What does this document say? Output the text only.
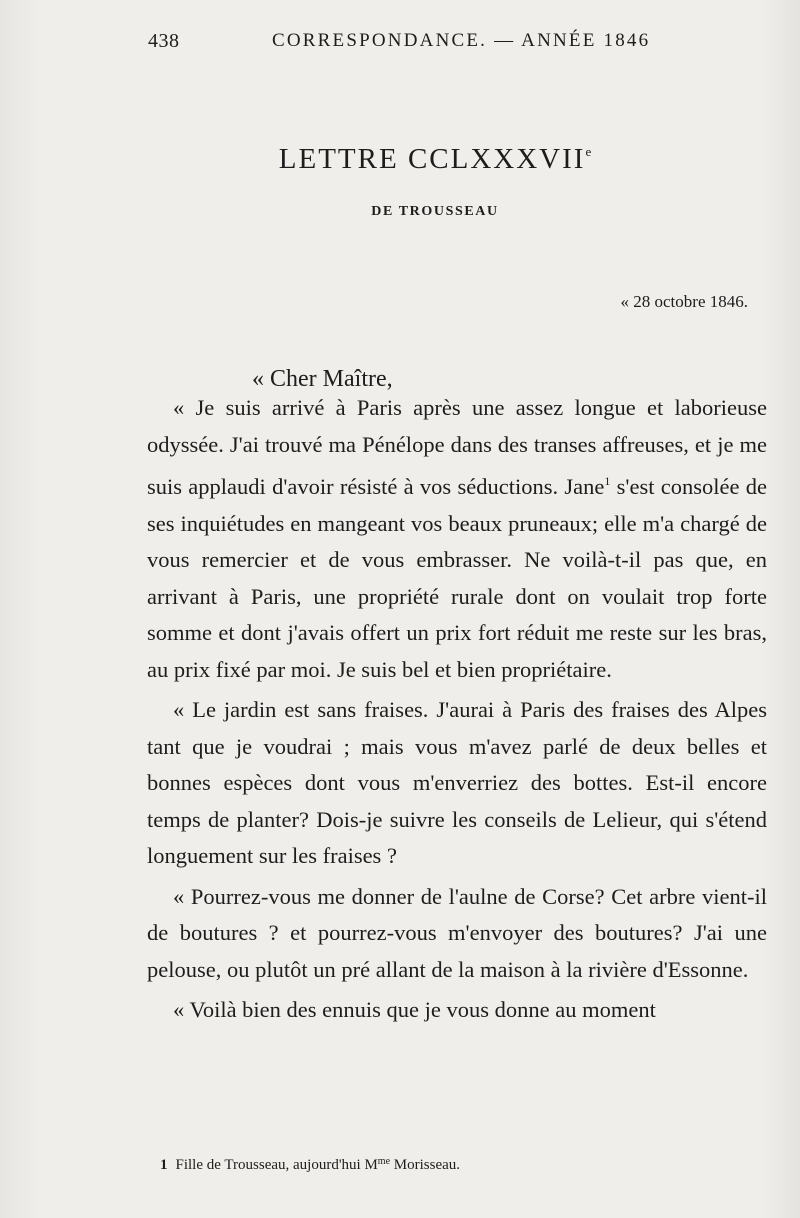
438	CORRESPONDANCE. — ANNÉE 1846
LETTRE CCLXXXVIIe
DE TROUSSEAU
« 28 octobre 1846.
« Cher Maître,

« Je suis arrivé à Paris après une assez longue et laborieuse odyssée. J'ai trouvé ma Pénélope dans des transes affreuses, et je me suis applaudi d'avoir résisté à vos séductions. Jane$^1$ s'est consolée de ses inquiétudes en mangeant vos beaux pruneaux; elle m'a chargé de vous remercier et de vous embrasser. Ne voilà-t-il pas que, en arrivant à Paris, une propriété rurale dont on voulait trop forte somme et dont j'avais offert un prix fort réduit me reste sur les bras, au prix fixé par moi. Je suis bel et bien propriétaire.

« Le jardin est sans fraises. J'aurai à Paris des fraises des Alpes tant que je voudrai ; mais vous m'avez parlé de deux belles et bonnes espèces dont vous m'enverriez des bottes. Est-il encore temps de planter? Dois-je suivre les conseils de Lelieur, qui s'étend longuement sur les fraises ?

« Pourrez-vous me donner de l'aulne de Corse? Cet arbre vient-il de boutures ? et pourrez-vous m'envoyer des boutures? J'ai une pelouse, ou plutôt un pré allant de la maison à la rivière d'Essonne.

« Voilà bien des ennuis que je vous donne au moment

1 Fille de Trousseau, aujourd'hui $M^{me}$ Morisseau.
